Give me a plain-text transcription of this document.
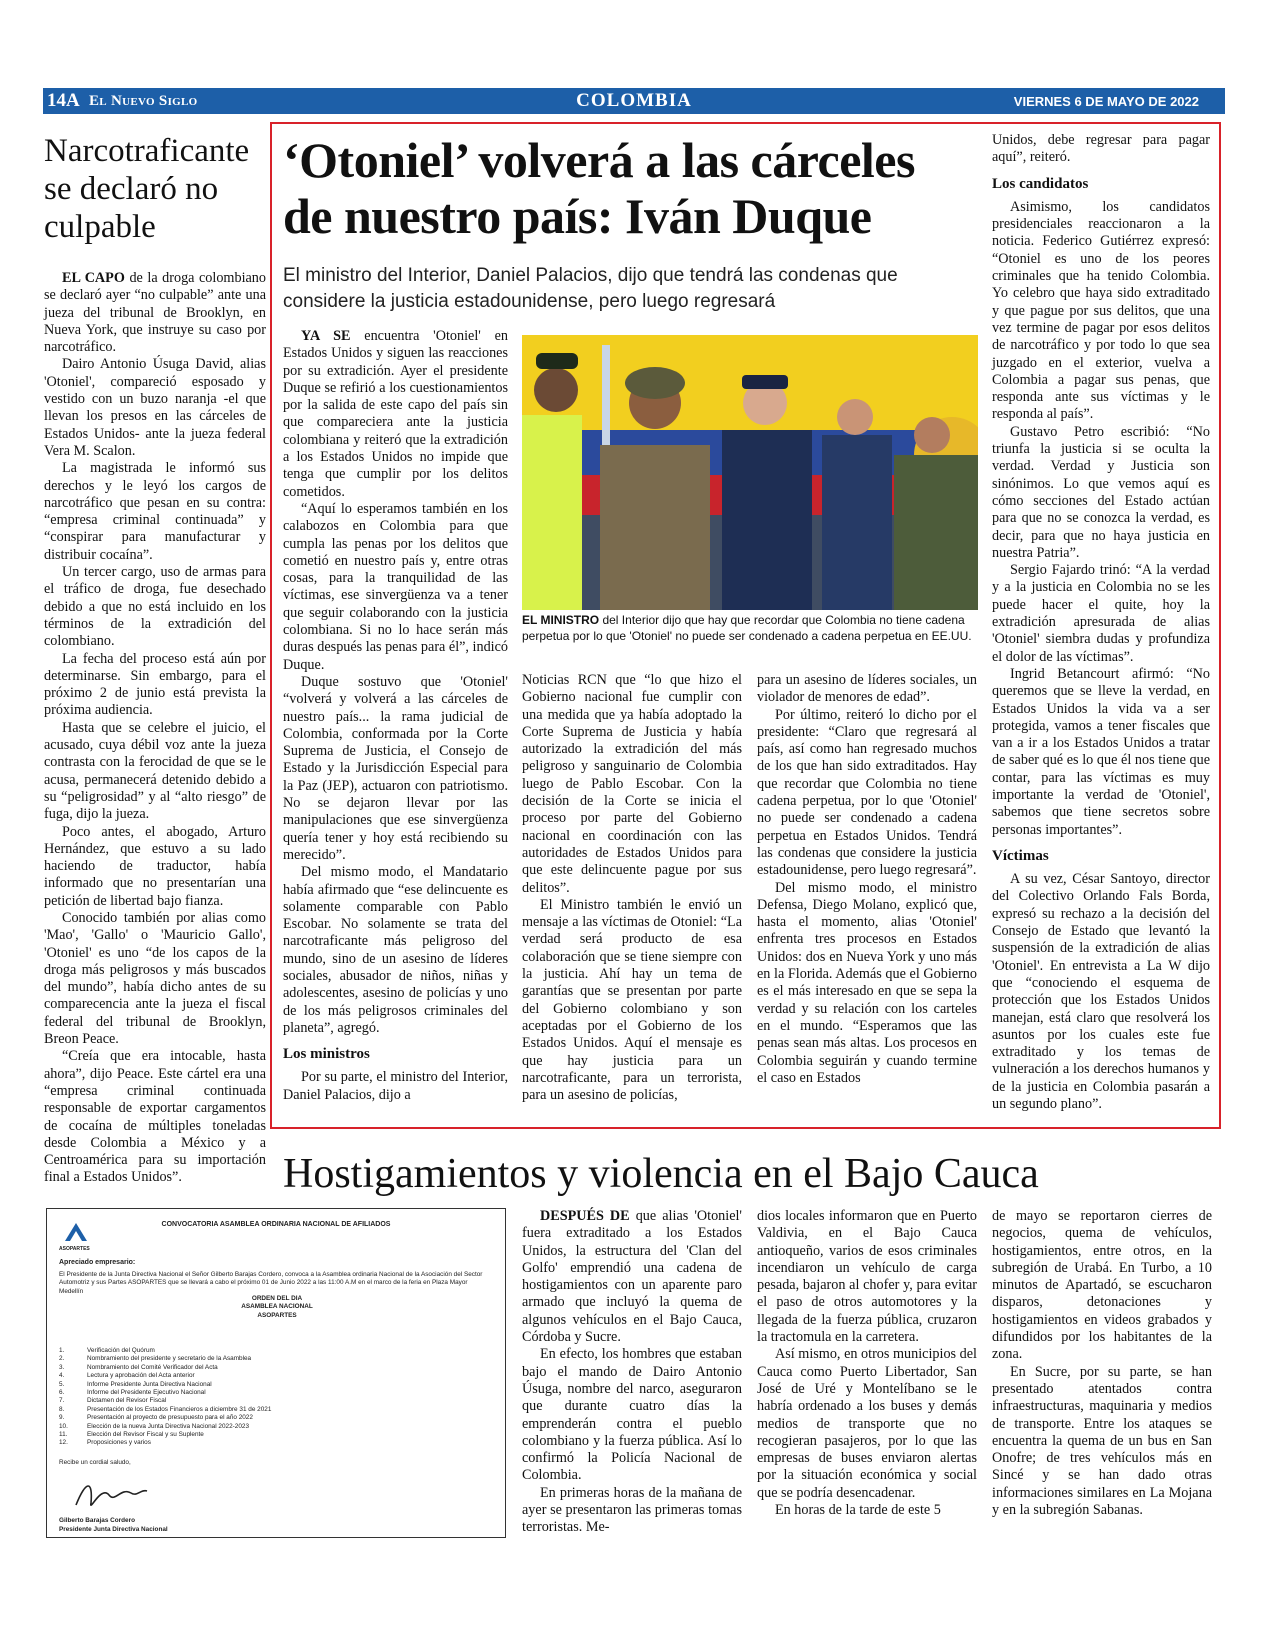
14A El Nuevo Siglo	COLOMBIA	VIERNES 6 DE MAYO DE 2022
Narcotraficante se declaró no culpable

EL CAPO de la droga colombiano se declaró ayer “no culpable” ante una jueza del tribunal de Brooklyn, en Nueva York, que instruye su caso por narcotráfico.

Dairo Antonio Úsuga David, alias 'Otoniel', compareció esposado y vestido con un buzo naranja -el que llevan los presos en las cárceles de Estados Unidos- ante la jueza federal Vera M. Scalon.

La magistrada le informó sus derechos y le leyó los cargos de narcotráfico que pesan en su contra: “empresa criminal continuada” y “conspirar para manufacturar y distribuir cocaína”.

Un tercer cargo, uso de armas para el tráfico de droga, fue desechado debido a que no está incluido en los términos de la extradición del colombiano.

La fecha del proceso está aún por determinarse. Sin embargo, para el próximo 2 de junio está prevista la próxima audiencia.

Hasta que se celebre el juicio, el acusado, cuya débil voz ante la jueza contrasta con la ferocidad de que se le acusa, permanecerá detenido debido a su “peligrosidad” y al “alto riesgo” de fuga, dijo la jueza.

Poco antes, el abogado, Arturo Hernández, que estuvo a su lado haciendo de traductor, había informado que no presentarían una petición de libertad bajo fianza.

Conocido también por alias como 'Mao', 'Gallo' o 'Mauricio Gallo', 'Otoniel' es uno “de los capos de la droga más peligrosos y más buscados del mundo”, había dicho antes de su comparecencia ante la jueza el fiscal federal del tribunal de Brooklyn, Breon Peace.

“Creía que era intocable, hasta ahora”, dijo Peace. Este cártel era una “empresa criminal continuada responsable de exportar cargamentos de cocaína de múltiples toneladas desde Colombia a México y a Centroamérica para su importación final a Estados Unidos”.

‘Otoniel’ volverá a las cárceles de nuestro país: Iván Duque
El ministro del Interior, Daniel Palacios, dijo que tendrá las condenas que considere la justicia estadounidense, pero luego regresará
EL MINISTRO del Interior dijo que hay que recordar que Colombia no tiene cadena perpetua por lo que 'Otoniel' no puede ser condenado a cadena perpetua en EE.UU.

YA SE encuentra 'Otoniel' en Estados Unidos y siguen las reacciones por su extradición. Ayer el presidente Duque se refirió a los cuestionamientos por la salida de este capo del país sin que compareciera ante la justicia colombiana y reiteró que la extradición a los Estados Unidos no impide que tenga que cumplir por los delitos cometidos.

“Aquí lo esperamos también en los calabozos en Colombia para que cumpla las penas por los delitos que cometió en nuestro país y, entre otras cosas, para la tranquilidad de las víctimas, ese sinvergüenza va a tener que seguir colaborando con la justicia colombiana. Si no lo hace serán más duras después las penas para él”, indicó Duque.

Duque sostuvo que 'Otoniel' “volverá y volverá a las cárceles de nuestro país... la rama judicial de Colombia, conformada por la Corte Suprema de Justicia, el Consejo de Estado y la Jurisdicción Especial para la Paz (JEP), actuaron con patriotismo. No se dejaron llevar por las manipulaciones que ese sinvergüenza quería tener y hoy está recibiendo su merecido”.

Del mismo modo, el Mandatario había afirmado que “ese delincuente es solamente comparable con Pablo Escobar. No solamente se trata del narcotraficante más peligroso del mundo, sino de un asesino de líderes sociales, abusador de niños, niñas y adolescentes, asesino de policías y uno de los más peligrosos criminales del planeta”, agregó.

Los ministros

Por su parte, el ministro del Interior, Daniel Palacios, dijo a

Noticias RCN que “lo que hizo el Gobierno nacional fue cumplir con una medida que ya había adoptado la Corte Suprema de Justicia y había autorizado la extradición del más peligroso y sanguinario de Colombia luego de Pablo Escobar. Con la decisión de la Corte se inicia el proceso por parte del Gobierno nacional en coordinación con las autoridades de Estados Unidos para que este delincuente pague por sus delitos”.

El Ministro también le envió un mensaje a las víctimas de Otoniel: “La verdad será producto de esa colaboración que se tiene siempre con la justicia. Ahí hay un tema de garantías que se presentan por parte del Gobierno colombiano y son aceptadas por el Gobierno de los Estados Unidos. Aquí el mensaje es que hay justicia para un narcotraficante, para un terrorista, para un asesino de policías,

para un asesino de líderes sociales, un violador de menores de edad”.

Por último, reiteró lo dicho por el presidente: “Claro que regresará al país, así como han regresado muchos de los que han sido extraditados. Hay que recordar que Colombia no tiene cadena perpetua, por lo que 'Otoniel' no puede ser condenado a cadena perpetua en Estados Unidos. Tendrá las condenas que considere la justicia estadounidense, pero luego regresará”.

Del mismo modo, el ministro Defensa, Diego Molano, explicó que, hasta el momento, alias 'Otoniel' enfrenta tres procesos en Estados Unidos: dos en Nueva York y uno más en la Florida. Además que el Gobierno es el más interesado en que se sepa la verdad y su relación con los carteles en el mundo. “Esperamos que las penas sean más altas. Los procesos en Colombia seguirán y cuando termine el caso en Estados

Unidos, debe regresar para pagar aquí”, reiteró.

Los candidatos

Asimismo, los candidatos presidenciales reaccionaron a la noticia. Federico Gutiérrez expresó: “Otoniel es uno de los peores criminales que ha tenido Colombia. Yo celebro que haya sido extraditado y que pague por sus delitos, que una vez termine de pagar por esos delitos de narcotráfico y por todo lo que sea juzgado en el exterior, vuelva a Colombia a pagar sus penas, que responda ante sus víctimas y le responda al país”.

Gustavo Petro escribió: “No triunfa la justicia si se oculta la verdad. Verdad y Justicia son sinónimos. Lo que vemos aquí es cómo secciones del Estado actúan para que no se conozca la verdad, es decir, para que no haya justicia en nuestra Patria”.

Sergio Fajardo trinó: “A la verdad y a la justicia en Colombia no se les puede hacer el quite, hoy la extradición apresurada de alias 'Otoniel' siembra dudas y profundiza el dolor de las víctimas”.

Ingrid Betancourt afirmó: “No queremos que se lleve la verdad, en Estados Unidos la vida va a ser protegida, vamos a tener fiscales que van a ir a los Estados Unidos a tratar de saber qué es lo que él nos tiene que contar, para las víctimas es muy importante la verdad de 'Otoniel', sabemos que tiene secretos sobre personas importantes”.

Víctimas

A su vez, César Santoyo, director del Colectivo Orlando Fals Borda, expresó su rechazo a la decisión del Consejo de Estado que levantó la suspensión de la extradición de alias 'Otoniel'. En entrevista a La W dijo que “conociendo el esquema de protección que los Estados Unidos manejan, está claro que resolverá los asuntos por los cuales este fue extraditado y los temas de vulneración a los derechos humanos y de la justicia en Colombia pasarán a un segundo plano”.

Hostigamientos y violencia en el Bajo Cauca
ASOPARTES
CONVOCATORIA ASAMBLEA ORDINARIA NACIONAL DE AFILIADOS
Apreciado empresario:
El Presidente de la Junta Directiva Nacional el Señor Gilberto Barajas Cordero, convoca a la Asamblea ordinaria Nacional de la Asociación del Sector Automotriz y sus Partes ASOPARTES que se llevará a cabo el próximo 01 de Junio 2022 a las 11:00 A.M en el marco de la feria en Plaza Mayor Medellín
ORDEN DEL DIA
ASAMBLEA NACIONAL
ASOPARTES
1.	Verificación del Quórum
2.	Nombramiento del presidente y secretario de la Asamblea
3.	Nombramiento del Comité Verificador del Acta
4.	Lectura y aprobación del Acta anterior
5.	Informe Presidente Junta Directiva Nacional
6.	Informe del Presidente Ejecutivo Nacional
7.	Dictamen del Revisor Fiscal
8.	Presentación de los Estados Financieros a diciembre 31 de 2021
9.	Presentación al proyecto de presupuesto para el año 2022
10.	Elección de la nueva Junta Directiva Nacional 2022-2023
11.	Elección del Revisor Fiscal y su Suplente
12.	Proposiciones y varios
Recibe un cordial saludo,
Gilberto Barajas Cordero
Presidente Junta Directiva Nacional

DESPUÉS DE que alias 'Otoniel' fuera extraditado a los Estados Unidos, la estructura del 'Clan del Golfo' emprendió una cadena de hostigamientos con un aparente paro armado que incluyó la quema de algunos vehículos en el Bajo Cauca, Córdoba y Sucre.

En efecto, los hombres que estaban bajo el mando de Dairo Antonio Úsuga, nombre del narco, aseguraron que durante cuatro días la emprenderán contra el pueblo colombiano y la fuerza pública. Así lo confirmó la Policía Nacional de Colombia.

En primeras horas de la mañana de ayer se presentaron las primeras tomas terroristas. Me-

dios locales informaron que en Puerto Valdivia, en el Bajo Cauca antioqueño, varios de esos criminales incendiaron un vehículo de carga pesada, bajaron al chofer y, para evitar el paso de otros automotores y la llegada de la fuerza pública, cruzaron la tractomula en la carretera.

Así mismo, en otros municipios del Cauca como Puerto Libertador, San José de Uré y Montelíbano se le habría ordenado a los buses y demás medios de transporte que no recogieran pasajeros, por lo que las empresas de buses enviaron alertas por la situación económica y social que se podría desencadenar.

En horas de la tarde de este 5

de mayo se reportaron cierres de negocios, quema de vehículos, hostigamientos, entre otros, en la subregión de Urabá. En Turbo, a 10 minutos de Apartadó, se escucharon disparos, detonaciones y hostigamientos en videos grabados y difundidos por los habitantes de la zona.

En Sucre, por su parte, se han presentado atentados contra infraestructuras, maquinaria y medios de transporte. Entre los ataques se encuentra la quema de un bus en San Onofre; de tres vehículos más en Sincé y se han dado otras informaciones similares en La Mojana y en la subregión Sabanas.
